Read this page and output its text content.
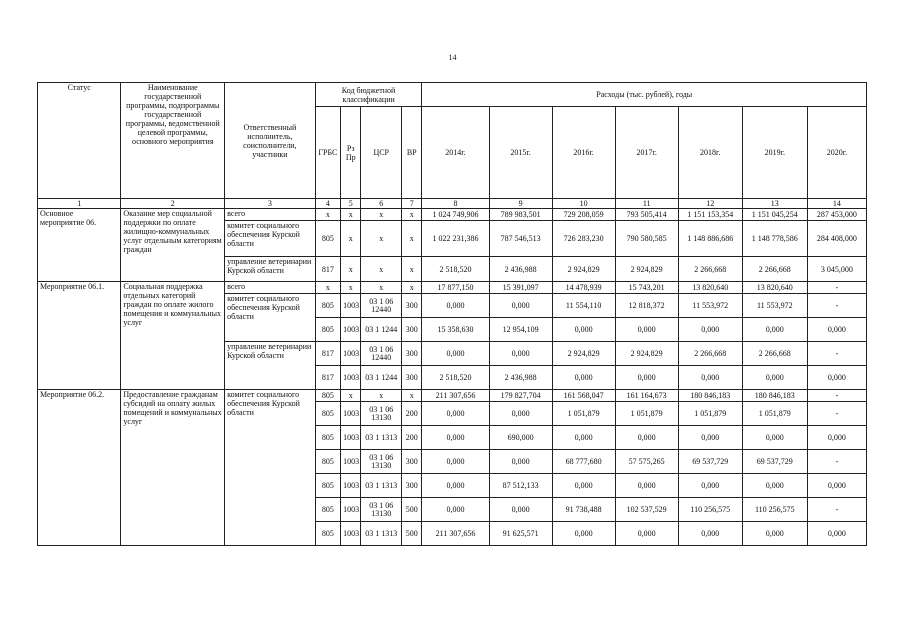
14
Статус	Наименование государственной программы, подпрограммы государственной программы, ведомственной целевой программы, основного мероприятия	Ответственный исполнитель, соисполнители, участники	Код бюджетной классификации				Расходы (тыс. рублей), годы						
			ГРБС	Рз Пр	ЦСР	ВР	2014г.	2015г.	2016г.	2017г.	2018г.	2019г.	2020г.
1	2	3	4	5	6	7	8	9	10	11	12	13	14
Основное мероприятие 06.	Оказание мер социальной поддержки по оплате жилищно-коммунальных услуг отдельным категориям граждан	всего	х	х	х	х	1 024 749,906	789 983,501	729 208,059	793 505,414	1 151 153,354	1 151 045,254	287 453,000
		комитет социального обеспечения Курской области	805	х	х	х	1 022 231,386	787 546,513	726 283,230	790 580,585	1 148 886,686	1 148 778,586	284 408,000
		управление ветеринарии Курской области	817	х	х	х	2 518,520	2 436,988	2 924,829	2 924,829	2 266,668	2 266,668	3 045,000
Мероприятие 06.1.	Социальная поддержка отдельных категорий граждан по оплате жилого помещения и коммунальных услуг	всего	х	х	х	х	17 877,150	15 391,097	14 478,939	15 743,201	13 820,640	13 820,640	-
		комитет социального обеспечения Курской области	805	1003	03 1 06 12440	300	0,000	0,000	11 554,110	12 818,372	11 553,972	11 553,972	-
			805	1003	03 1 1244	300	15 358,630	12 954,109	0,000	0,000	0,000	0,000	0,000
		управление ветеринарии Курской области	817	1003	03 1 06 12440	300	0,000	0,000	2 924,829	2 924,829	2 266,668	2 266,668	-
			817	1003	03 1 1244	300	2 518,520	2 436,988	0,000	0,000	0,000	0,000	0,000
Мероприятие 06.2.	Предоставление гражданам субсидий на оплату жилых помещений и коммунальных услуг	комитет социального обеспечения Курской области	805	х	х	х	211 307,656	179 827,704	161 568,047	161 164,673	180 846,183	180 846,183	-
			805	1003	03 1 06 13130	200	0,000	0,000	1 051,879	1 051,879	1 051,879	1 051,879	-
			805	1003	03 1 1313	200	0,000	690,000	0,000	0,000	0,000	0,000	0,000
			805	1003	03 1 06 13130	300	0,000	0,000	68 777,680	57 575,265	69 537,729	69 537,729	-
			805	1003	03 1 1313	300	0,000	87 512,133	0,000	0,000	0,000	0,000	0,000
			805	1003	03 1 06 13130	500	0,000	0,000	91 738,488	102 537,529	110 256,575	110 256,575	-
			805	1003	03 1 1313	500	211 307,656	91 625,571	0,000	0,000	0,000	0,000	0,000
